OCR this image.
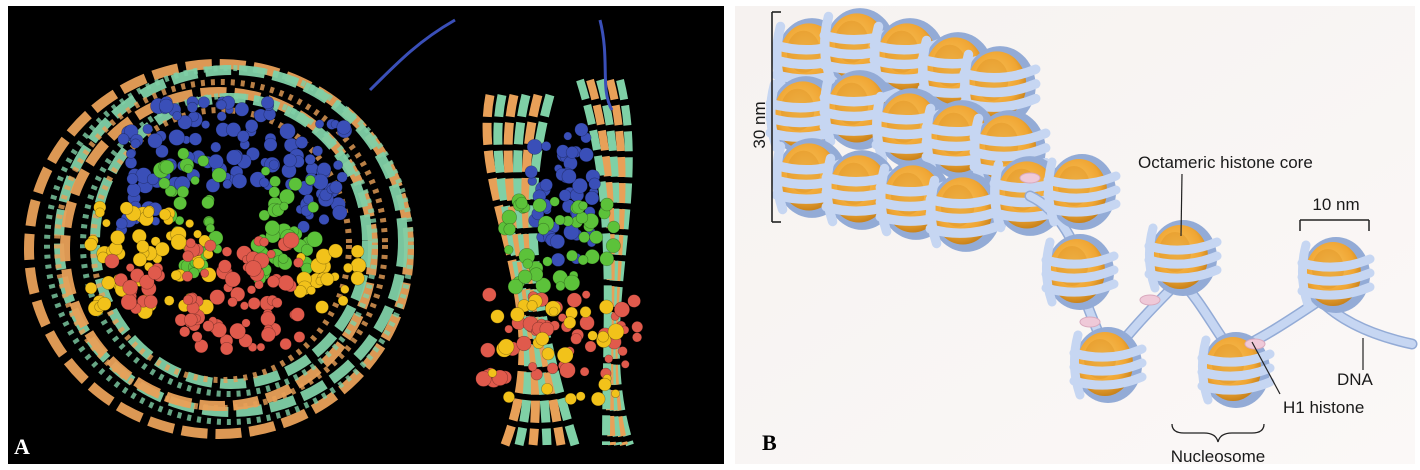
A
30 nm
Octameric histone core
10 nm
DNA
H1 histone
Nucleosome
B
